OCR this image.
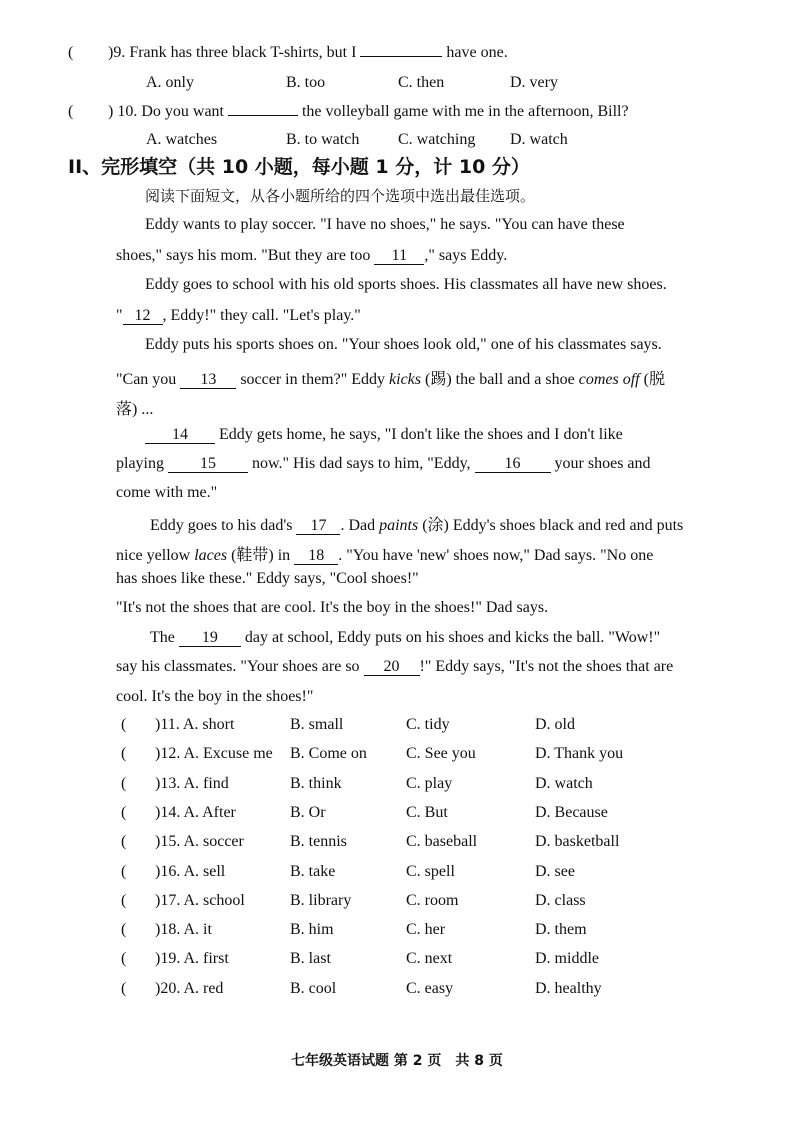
( )9. Frank has three black T-shirts, but I	have one.
A. only	B. too	C. then	D. very
( ) 10. Do you want	the volleyball game with me in the afternoon, Bill?
A. watches	B. to watch C. watching D. watch
II、完形填空（共 10 小题，每小题 1 分，计 10 分）
阅读下面短文，从各小题所给的四个选项中选出最佳选项。
Eddy wants to play soccer. "I have no shoes," he says. "You can have these
shoes," says his mom. "But they are too 11 ," says Eddy.
Eddy goes to school with his old sports shoes. His classmates all have new shoes.
" 12 , Eddy!" they call. "Let's play."
Eddy puts his sports shoes on. "Your shoes look old," one of his classmates says.
"Can you 13 soccer in them?" Eddy kicks (踢) the ball and a shoe comes off (脱
落) ...
14 Eddy gets home, he says, "I don't like the shoes and I don't like
playing 15 now." His dad says to him, "Eddy, 16 your shoes and
come with me."
Eddy goes to his dad's 17 . Dad paints (涂) Eddy's shoes black and red and puts
nice yellow laces (鞋带) in 18 . "You have 'new' shoes now," Dad says. "No one
has shoes like these." Eddy says, "Cool shoes!"
"It's not the shoes that are cool. It's the boy in the shoes!" Dad says.
The 19 day at school, Eddy puts on his shoes and kicks the ball. "Wow!"
say his classmates. "Your shoes are so 20 !" Eddy says, "It's not the shoes that are
cool. It's the boy in the shoes!"
( )11. A. short	B. small	C. tidy	D. old
( )12. A. Excuse me B. Come on C. See you	D. Thank you
( )13. A. find	B. think	C. play	D. watch
( )14. A. After	B. Or	C. But	D. Because
( )15. A. soccer	B. tennis	C. baseball	D. basketball
( )16. A. sell	B. take	C. spell	D. see
( )17. A. school	B. library	C. room	D. class
( )18. A. it	B. him	C. her	D. them
( )19. A. first	B. last	C. next	D. middle
( )20. A. red	B. cool	C. easy	D. healthy
七年级英语试题 第 2 页　共 8 页
